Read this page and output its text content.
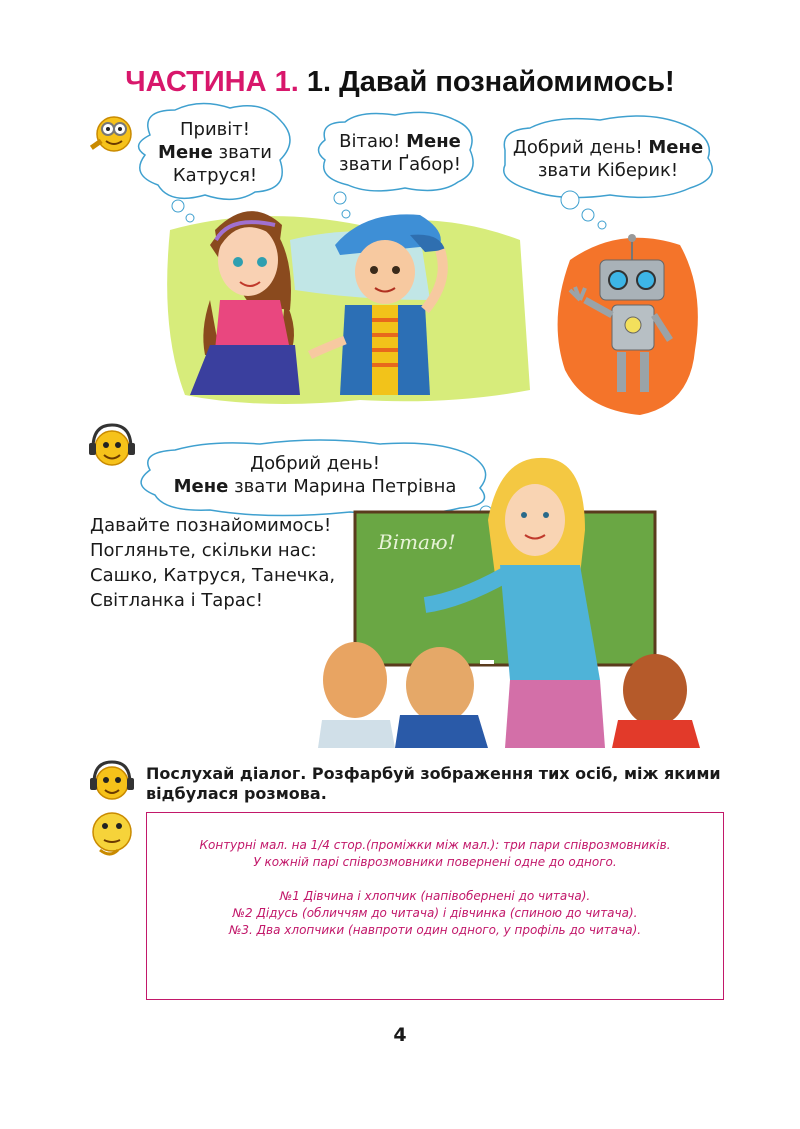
ЧАСТИНА 1. 1. Давай познайомимось!
Привіт!
Мене звати
Катруся!
Вітаю! Мене
звати Ґабор!
Добрий день! Мене
звати Кіберик!
Добрий день!
Мене звати Марина Петрівна
Вітаю!
Давайте познайомимось!
Погляньте, скільки нас:
Сашко, Катруся, Танечка,
Світланка і Тарас!
Послухай діалог. Розфарбуй зображення тих осіб, між якими відбулася розмова.
Контурні мал. на 1/4 стор.(проміжки між мал.): три пари співрозмовників.
У кожній парі співрозмовники повернені одне до одного.
№1 Дівчина і хлопчик (напівобернені до читача).
№2 Дідусь (обличчям до читача) і дівчинка (спиною до читача).
№3. Два хлопчики (навпроти один одного, у профіль до читача).
4
